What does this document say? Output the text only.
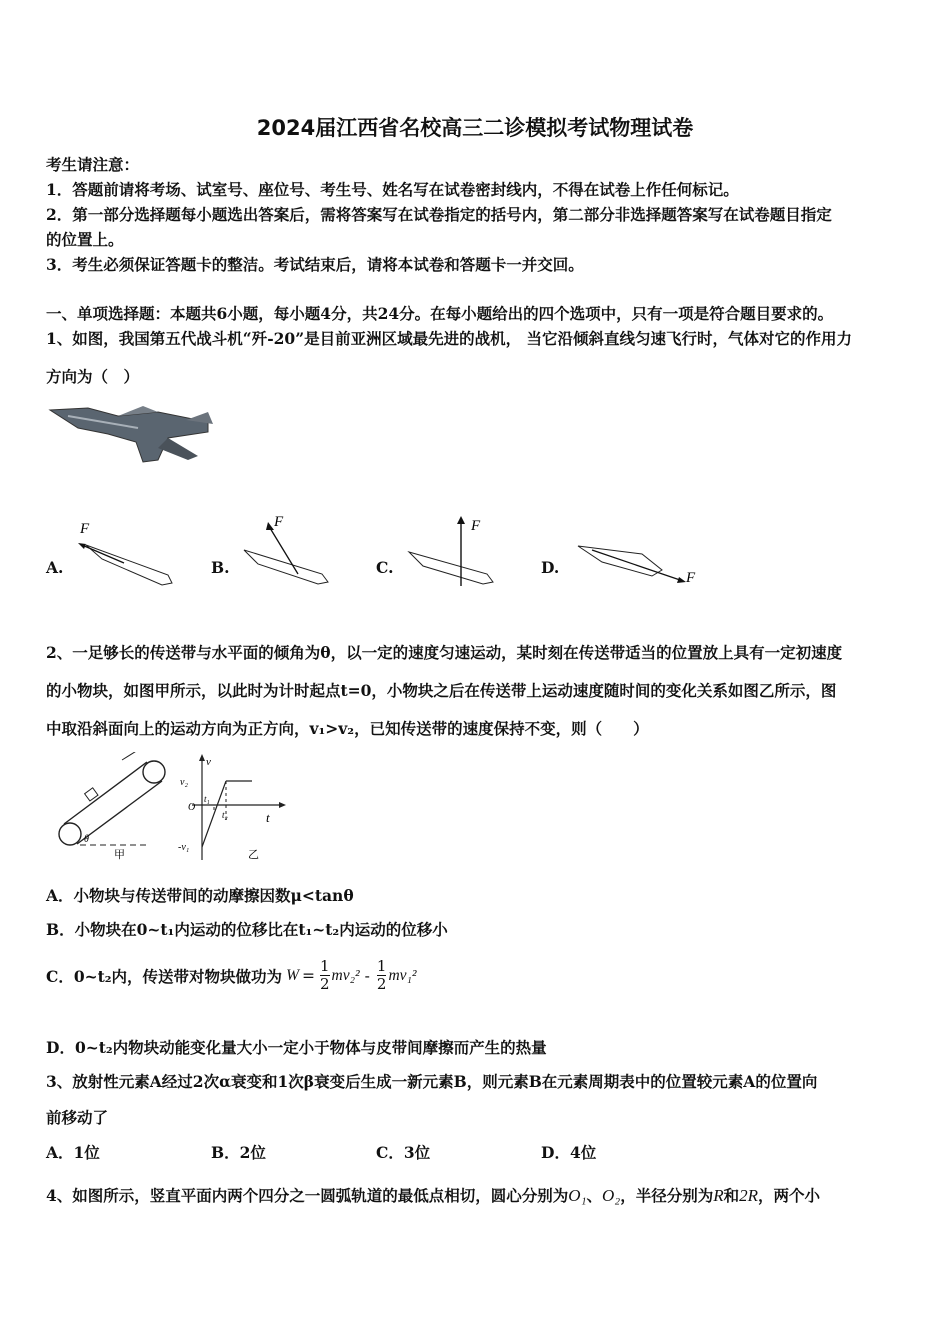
2024届江西省名校高三二诊模拟考试物理试卷
考生请注意：
1．答题前请将考场、试室号、座位号、考生号、姓名写在试卷密封线内，不得在试卷上作任何标记。
2．第一部分选择题每小题选出答案后，需将答案写在试卷指定的括号内，第二部分非选择题答案写在试卷题目指定
的位置上。
3．考生必须保证答题卡的整洁。考试结束后，请将本试卷和答题卡一并交回。
一、单项选择题：本题共6小题，每小题4分，共24分。在每小题给出的四个选项中，只有一项是符合题目要求的。
1、如图，我国第五代战斗机“歼-20”是目前亚洲区域最先进的战机， 当它沿倾斜直线匀速飞行时，气体对它的作用力
方向为（　）
A.
F
B.
F
C.
F
D.
F
2、一足够长的传送带与水平面的倾角为θ，以一定的速度匀速运动，某时刻在传送带适当的位置放上具有一定初速度
的小物块，如图甲所示，以此时为计时起点t=0，小物块之后在传送带上运动速度随时间的变化关系如图乙所示，图
中取沿斜面向上的运动方向为正方向，v₁>v₂，已知传送带的速度保持不变，则（　　）
θ
甲
v
v₂
O
t₁
t₂	t
-v₁
乙
A．小物块与传送带间的动摩擦因数μ<tanθ
B．小物块在0~t₁内运动的位移比在t₁~t₂内运动的位移小
C．0~t₂内，传送带对物块做功为 $W = \frac{1}{2} mv_2^2 - \frac{1}{2} mv_1^2$
D．0~t₂内物块动能变化量大小一定小于物体与皮带间摩擦而产生的热量
3、放射性元素A经过2次α衰变和1次β衰变后生成一新元素B，则元素B在元素周期表中的位置较元素A的位置向
前移动了
A．1位	B．2位	C．3位	D．4位
4、如图所示，竖直平面内两个四分之一圆弧轨道的最低点相切，圆心分别为O₁、O₂，半径分别为R和2R，两个小
